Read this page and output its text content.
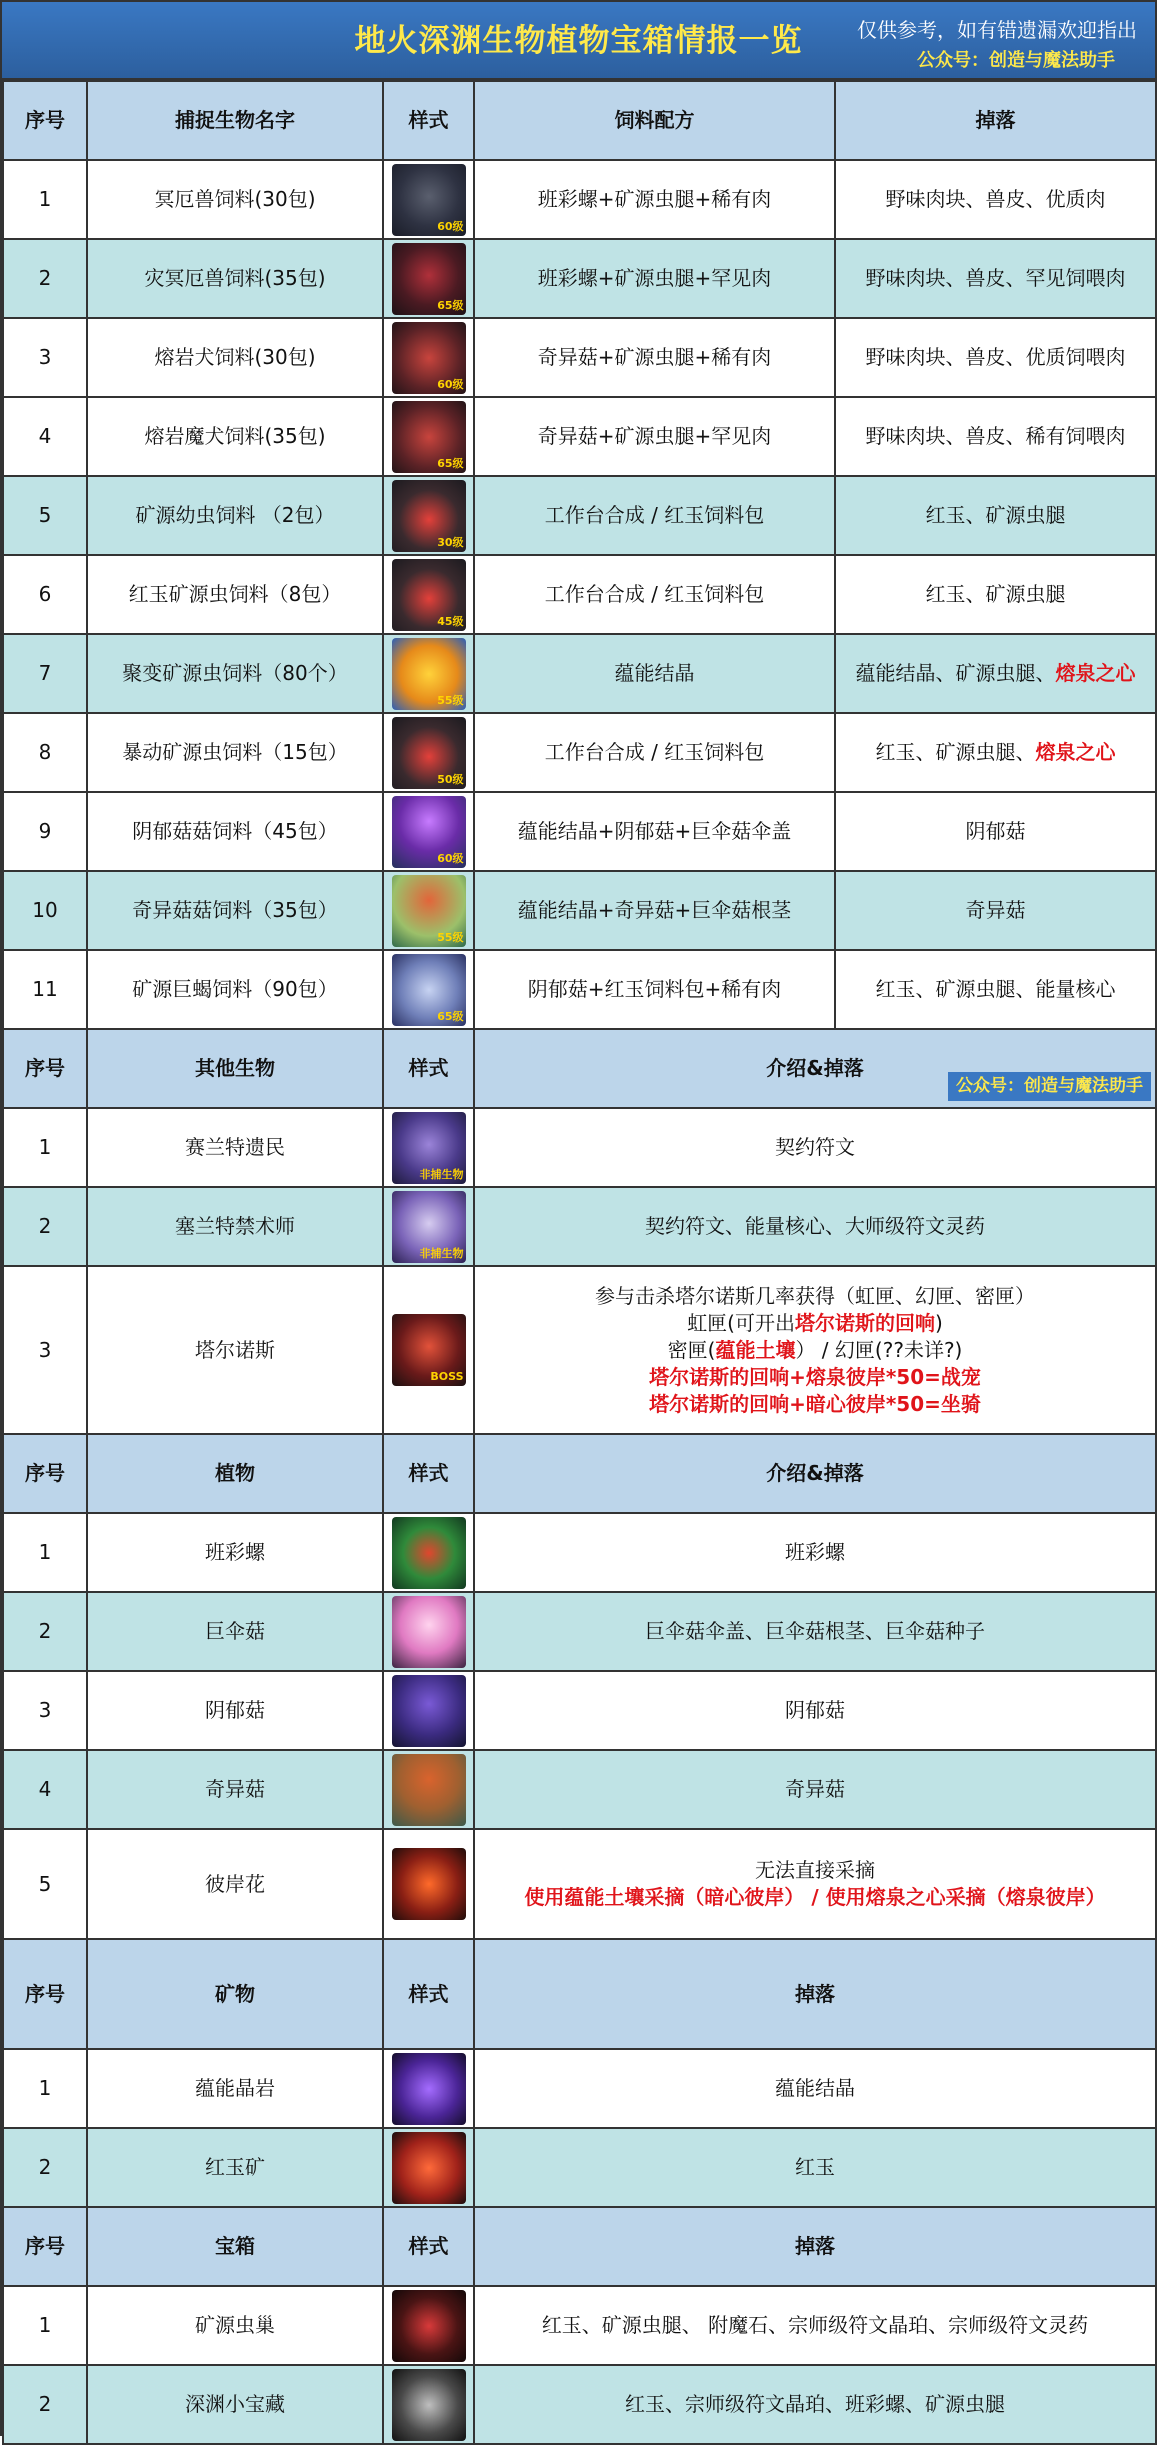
地火深渊生物植物宝箱情报一览	仅供参考，如有错遗漏欢迎指出
公众号：创造与魔法助手
序号	捕捉生物名字	样式	饲料配方	掉落
1	冥厄兽饲料(30包)	60级	班彩螺+矿源虫腿+稀有肉	野味肉块、兽皮、优质肉
2	灾冥厄兽饲料(35包)	65级	班彩螺+矿源虫腿+罕见肉	野味肉块、兽皮、罕见饲喂肉
3	熔岩犬饲料(30包)	60级	奇异菇+矿源虫腿+稀有肉	野味肉块、兽皮、优质饲喂肉
4	熔岩魔犬饲料(35包)	65级	奇异菇+矿源虫腿+罕见肉	野味肉块、兽皮、稀有饲喂肉
5	矿源幼虫饲料 （2包）	30级	工作台合成 / 红玉饲料包	红玉、矿源虫腿
6	红玉矿源虫饲料（8包）	45级	工作台合成 / 红玉饲料包	红玉、矿源虫腿
7	聚变矿源虫饲料（80个）	55级	蕴能结晶	蕴能结晶、矿源虫腿、熔泉之心
8	暴动矿源虫饲料（15包）	50级	工作台合成 / 红玉饲料包	红玉、矿源虫腿、熔泉之心
9	阴郁菇菇饲料（45包）	60级	蕴能结晶+阴郁菇+巨伞菇伞盖	阴郁菇
10	奇异菇菇饲料（35包）	55级	蕴能结晶+奇异菇+巨伞菇根茎	奇异菇
11	矿源巨蝎饲料（90包）	65级	阴郁菇+红玉饲料包+稀有肉	红玉、矿源虫腿、能量核心
序号	其他生物	样式	介绍&掉落
公众号：创造与魔法助手	

1	赛兰特遗民	非捕生物	契约符文	
2	塞兰特禁术师	非捕生物	契约符文、能量核心、大师级符文灵药	
3	塔尔诺斯	BOSS	参与击杀塔尔诺斯几率获得（虹匣、幻匣、密匣）
虹匣(可开出塔尔诺斯的回响)
密匣(蕴能土壤） / 幻匣(??未详?)
塔尔诺斯的回响+熔泉彼岸*50=战宠
塔尔诺斯的回响+暗心彼岸*50=坐骑	

序号	植物	样式	介绍&掉落	
1	班彩螺		班彩螺	
2	巨伞菇		巨伞菇伞盖、巨伞菇根茎、巨伞菇种子	
3	阴郁菇		阴郁菇	
4	奇异菇		奇异菇	
5	彼岸花		无法直接采摘
使用蕴能土壤采摘（暗心彼岸） / 使用熔泉之心采摘（熔泉彼岸）	

序号	矿物	样式	掉落	
1	蕴能晶岩		蕴能结晶	
2	红玉矿		红玉	
序号	宝箱	样式	掉落	
1	矿源虫巢		红玉、矿源虫腿、 附魔石、宗师级符文晶珀、宗师级符文灵药	
2	深渊小宝藏		红玉、宗师级符文晶珀、班彩螺、矿源虫腿	
